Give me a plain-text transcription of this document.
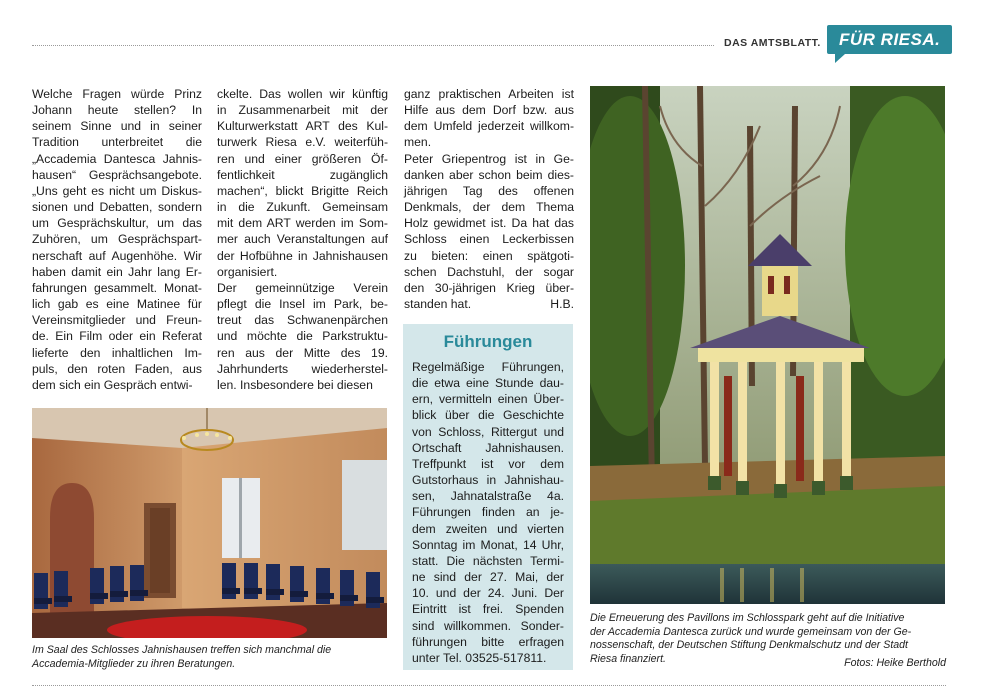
DAS AMTSBLATT.	FÜR RIESA.

Welche Fragen würde Prinz

Johann heute stellen? In

seinem Sinne und in seiner

Tradition unterbreitet die

„Accademia Dantesca Jahnis-

hausen“ Gesprächsangebote.

„Uns geht es nicht um Diskus-

sionen und Debatten, sondern

um Gesprächskultur, um das

Zuhören, um Gesprächspart-

nerschaft auf Augenhöhe. Wir

haben damit ein Jahr lang Er-

fahrungen gesammelt. Monat-

lich gab es eine Matinee für

Vereinsmitglieder und Freun-

de. Ein Film oder ein Referat

lieferte den inhaltlichen Im-

puls, den roten Faden, aus

dem sich ein Gespräch entwi-

ckelte. Das wollen wir künftig

in Zusammenarbeit mit der

Kulturwerkstatt ART des Kul-

turwerk Riesa e.V. weiterfüh-

ren und einer größeren Öf-

fentlichkeit zugänglich

machen“, blickt Brigitte Reich

in die Zukunft. Gemeinsam

mit dem ART werden im Som-

mer auch Veranstaltungen auf

der Hofbühne in Jahnishausen

organisiert.

Der gemeinnützige Verein

pflegt die Insel im Park, be-

treut das Schwanenpärchen

und möchte die Parkstruktu-

ren aus der Mitte des 19.

Jahrhunderts wiederherstel-

len. Insbesondere bei diesen

ganz praktischen Arbeiten ist

Hilfe aus dem Dorf bzw. aus

dem Umfeld jederzeit willkom-

men.

Peter Griepentrog ist in Ge-

danken aber schon beim dies-

jährigen Tag des offenen

Denkmals, der dem Thema

Holz gewidmet ist. Da hat das

Schloss einen Leckerbissen

zu bieten: einen spätgoti-

schen Dachstuhl, der sogar

den 30-jährigen Krieg über-

standen hat.	H.B.
Führungen

Regelmäßige Führungen,

die etwa eine Stunde dau-

ern, vermitteln einen Über-

blick über die Geschichte

von Schloss, Rittergut und

Ortschaft Jahnishausen.

Treffpunkt ist vor dem

Gutstorhaus in Jahnishau-

sen, Jahnatalstraße 4a.

Führungen finden an je-

dem zweiten und vierten

Sonntag im Monat, 14 Uhr,

statt. Die nächsten Termi-

ne sind der 27. Mai, der

10. und der 24. Juni. Der

Eintritt ist frei. Spenden

sind willkommen. Sonder-

führungen bitte erfragen

unter Tel. 03525-517811.

Im Saal des Schlosses Jahnishausen treffen sich manchmal die
Accademia-Mitglieder zu ihren Beratungen.
Die Erneuerung des Pavillons im Schlosspark geht auf die Initiative
der Accademia Dantesca zurück und wurde gemeinsam von der Ge-
nossenschaft, der Deutschen Stiftung Denkmalschutz und der Stadt
Riesa finanziert.	Fotos: Heike Berthold
